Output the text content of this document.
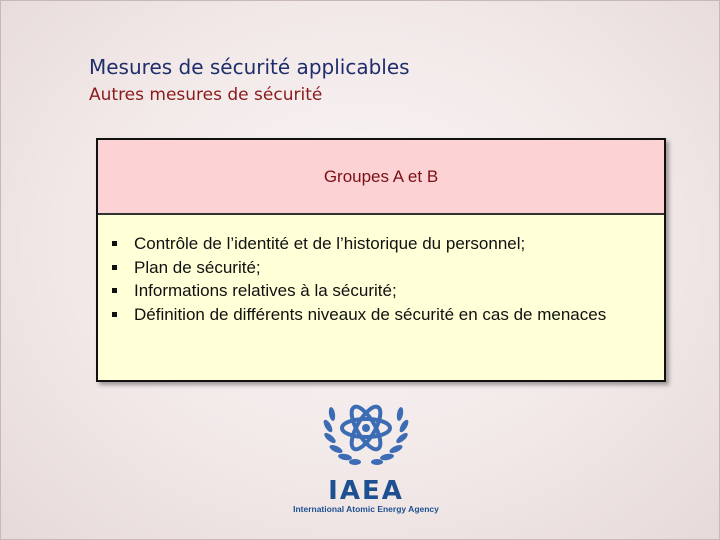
Mesures de sécurité applicables
Autres mesures de sécurité
Groupes A et B
Contrôle de l’identité et de l’historique du personnel;
Plan de sécurité;
Informations relatives à la sécurité;
Définition de différents niveaux de sécurité en cas de menaces
IAEA
International Atomic Energy Agency
